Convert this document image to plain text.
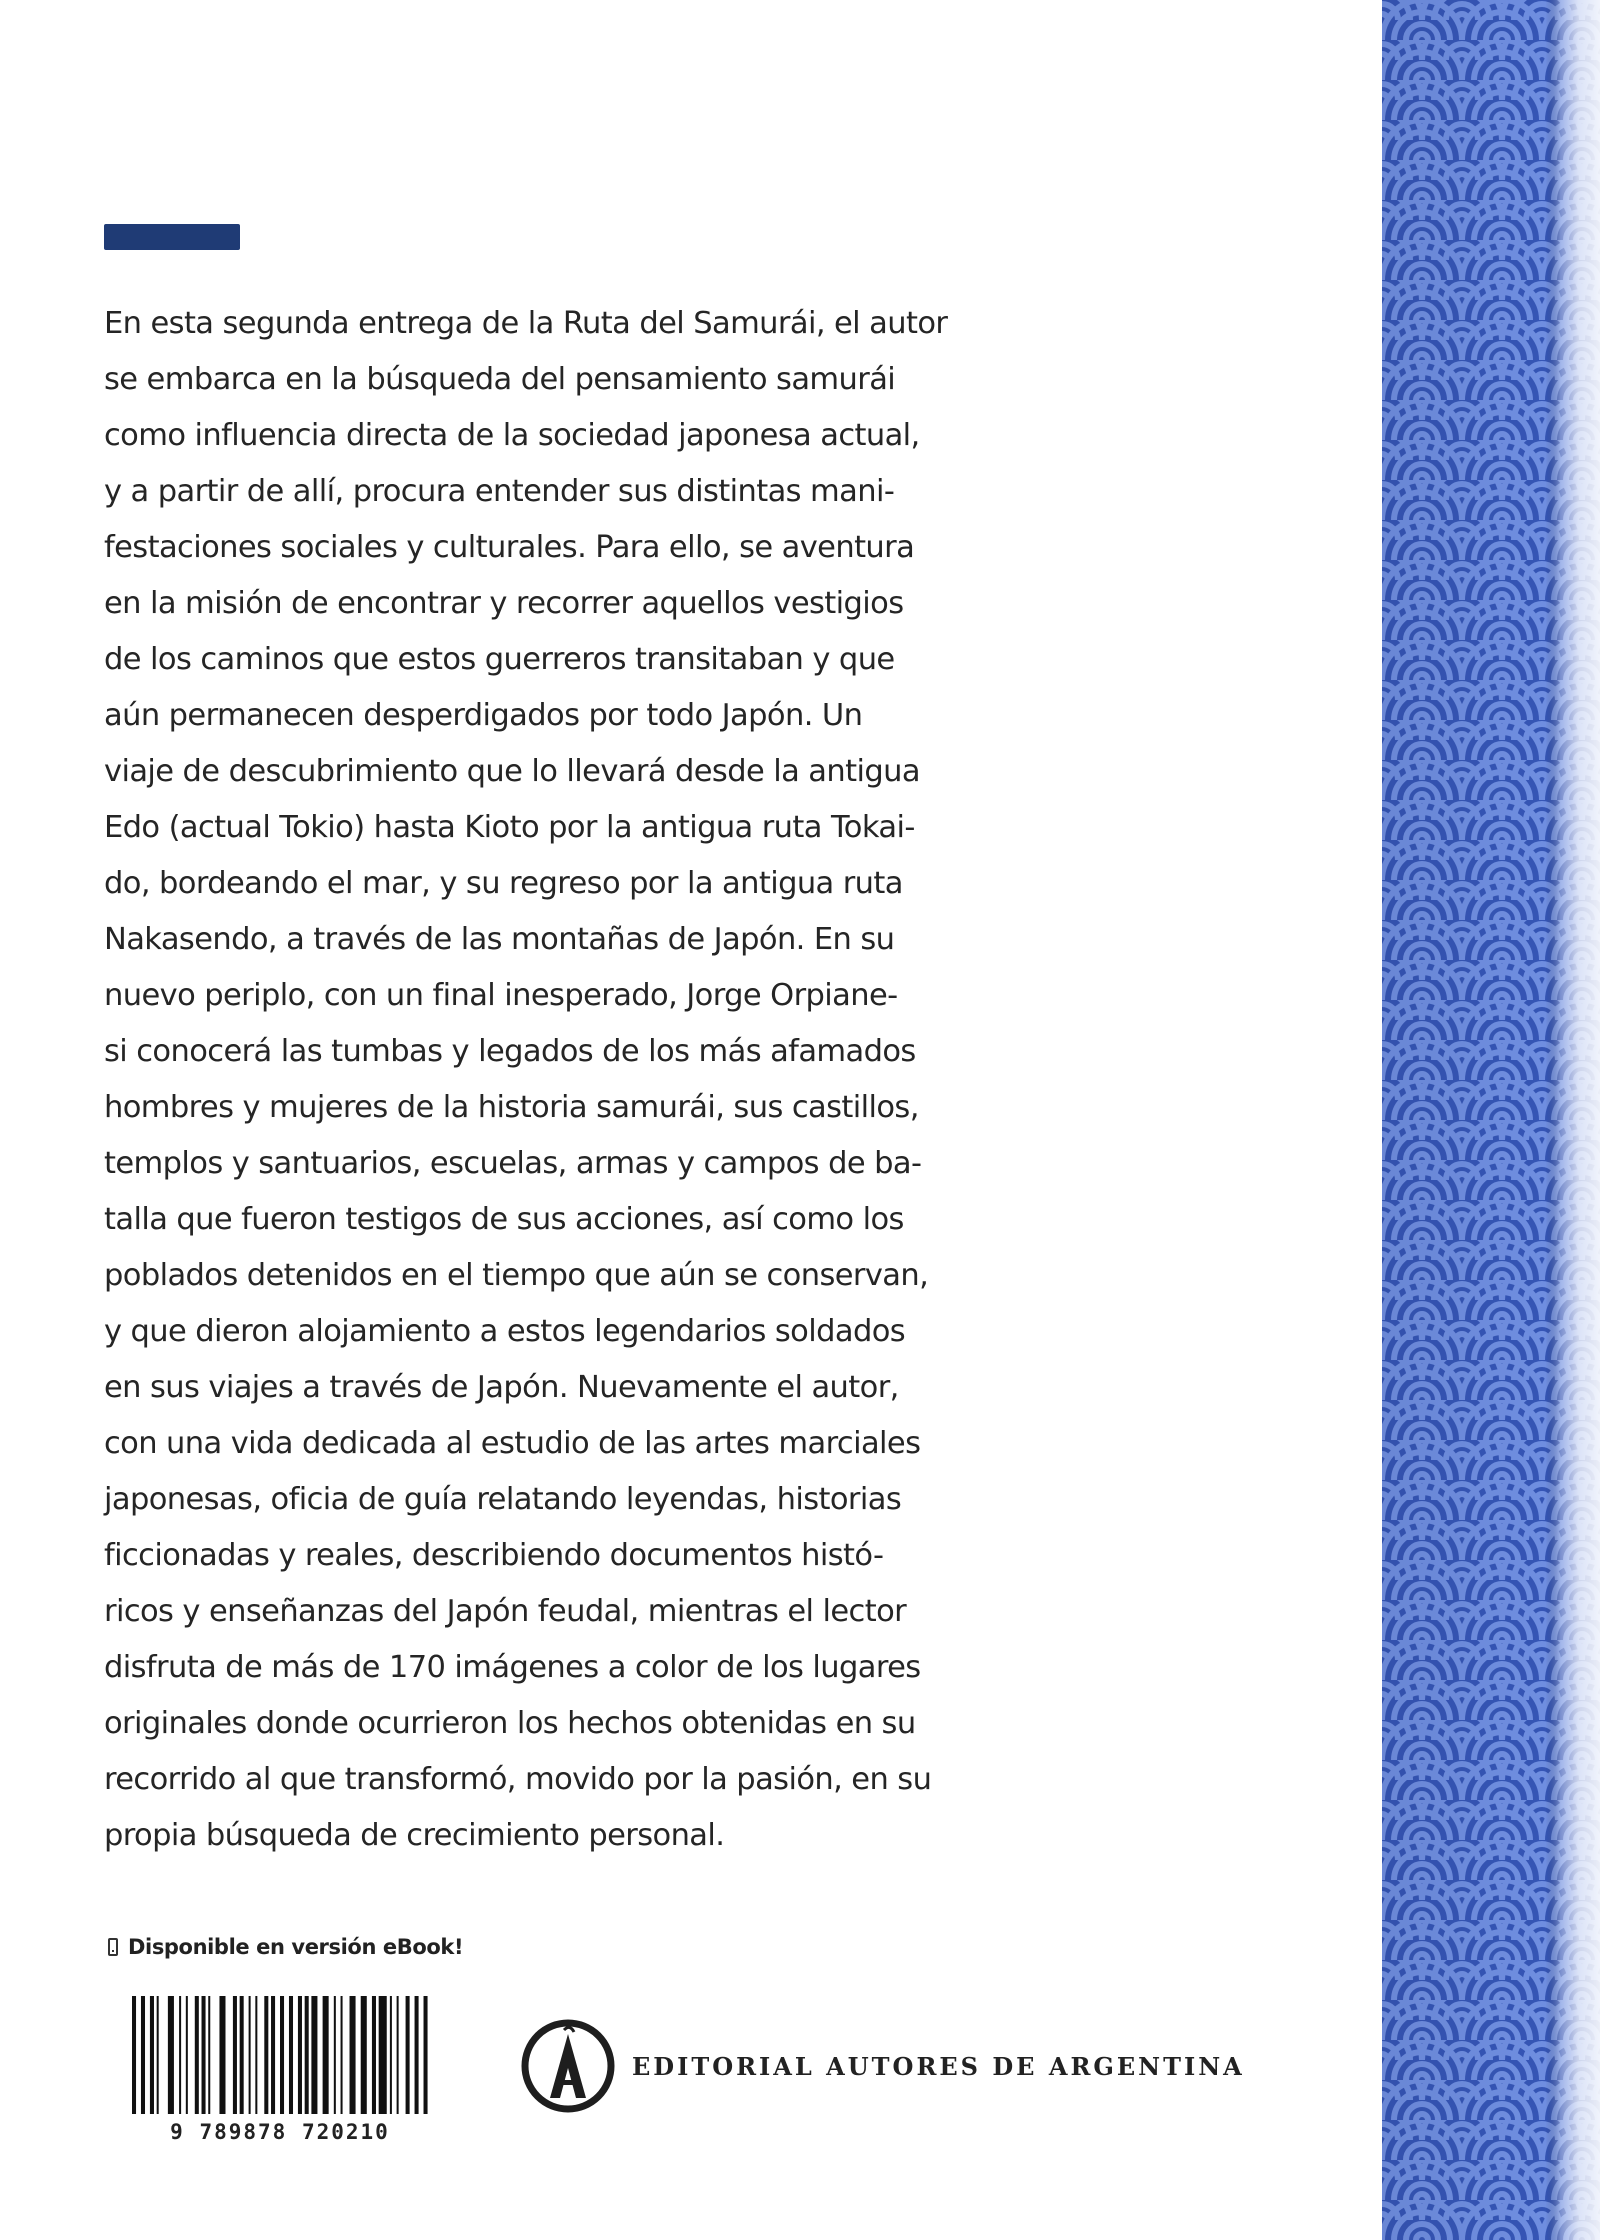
En esta segunda entrega de la Ruta del Samurái, el autor
se embarca en la búsqueda del pensamiento samurái
como influencia directa de la sociedad japonesa actual,
y a partir de allí, procura entender sus distintas mani-
festaciones sociales y culturales. Para ello, se aventura
en la misión de encontrar y recorrer aquellos vestigios
de los caminos que estos guerreros transitaban y que
aún permanecen desperdigados por todo Japón. Un
viaje de descubrimiento que lo llevará desde la antigua
Edo (actual Tokio) hasta Kioto por la antigua ruta Tokai-
do, bordeando el mar, y su regreso por la antigua ruta
Nakasendo, a través de las montañas de Japón. En su
nuevo periplo, con un final inesperado, Jorge Orpiane-
si conocerá las tumbas y legados de los más afamados
hombres y mujeres de la historia samurái, sus castillos,
templos y santuarios, escuelas, armas y campos de ba-
talla que fueron testigos de sus acciones, así como los
poblados detenidos en el tiempo que aún se conservan,
y que dieron alojamiento a estos legendarios soldados
en sus viajes a través de Japón. Nuevamente el autor,
con una vida dedicada al estudio de las artes marciales
japonesas, oficia de guía relatando leyendas, historias
ficcionadas y reales, describiendo documentos histó-
ricos y enseñanzas del Japón feudal, mientras el lector
disfruta de más de 170 imágenes a color de los lugares
originales donde ocurrieron los hechos obtenidas en su
recorrido al que transformó, movido por la pasión, en su
propia búsqueda de crecimiento personal.
Disponible en versión eBook!
9 789878 720210
EDITORIAL AUTORES DE ARGENTINA
